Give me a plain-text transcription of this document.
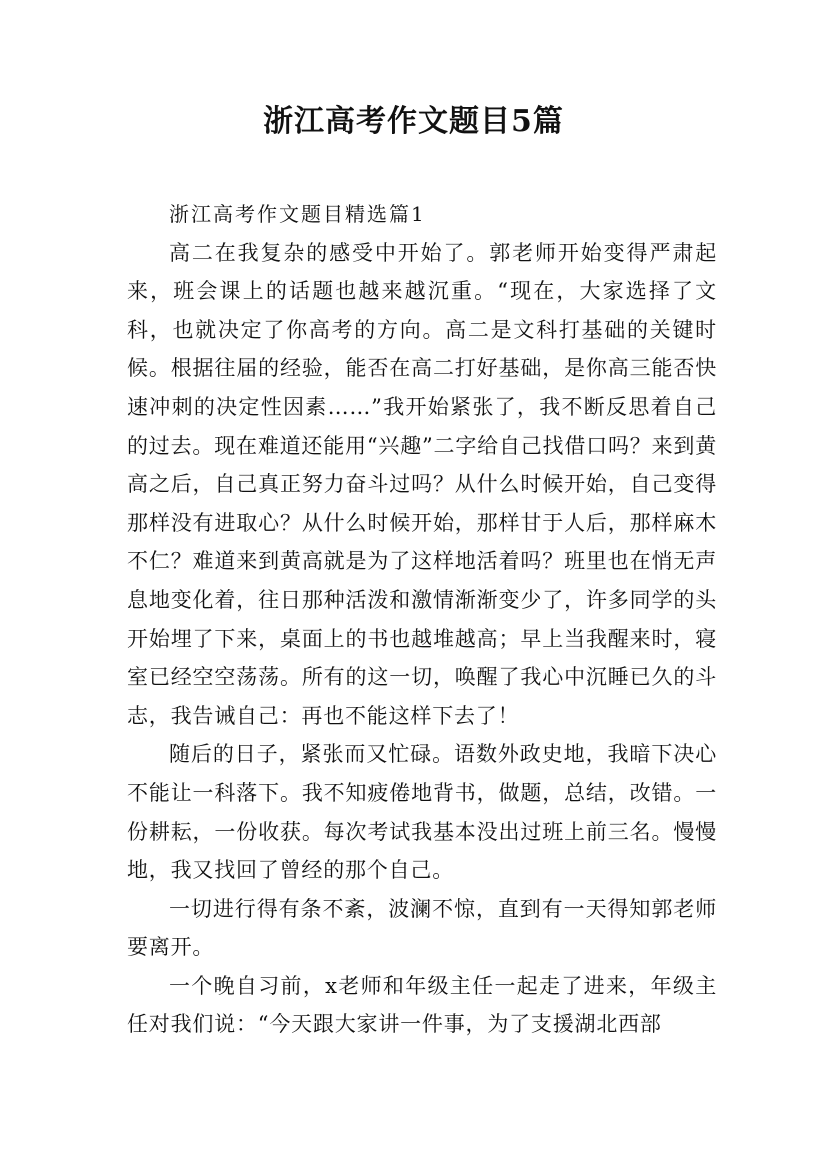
浙江高考作文题目5篇

浙江高考作文题目精选篇1

高二在我复杂的感受中开始了。郭老师开始变得严肃起来，班会课上的话题也越来越沉重。“现在，大家选择了文科，也就决定了你高考的方向。高二是文科打基础的关键时候。根据往届的经验，能否在高二打好基础，是你高三能否快速冲刺的决定性因素……”我开始紧张了，我不断反思着自己的过去。现在难道还能用“兴趣”二字给自己找借口吗？来到黄高之后，自己真正努力奋斗过吗？从什么时候开始，自己变得那样没有进取心？从什么时候开始，那样甘于人后，那样麻木不仁？难道来到黄高就是为了这样地活着吗？班里也在悄无声息地变化着，往日那种活泼和激情渐渐变少了，许多同学的头开始埋了下来，桌面上的书也越堆越高；早上当我醒来时，寝室已经空空荡荡。所有的这一切，唤醒了我心中沉睡已久的斗志，我告诫自己：再也不能这样下去了！

随后的日子，紧张而又忙碌。语数外政史地，我暗下决心不能让一科落下。我不知疲倦地背书，做题，总结，改错。一份耕耘，一份收获。每次考试我基本没出过班上前三名。慢慢地，我又找回了曾经的那个自己。

一切进行得有条不紊，波澜不惊，直到有一天得知郭老师要离开。

一个晚自习前，x老师和年级主任一起走了进来，年级主任对我们说：“今天跟大家讲一件事，为了支援湖北西部
